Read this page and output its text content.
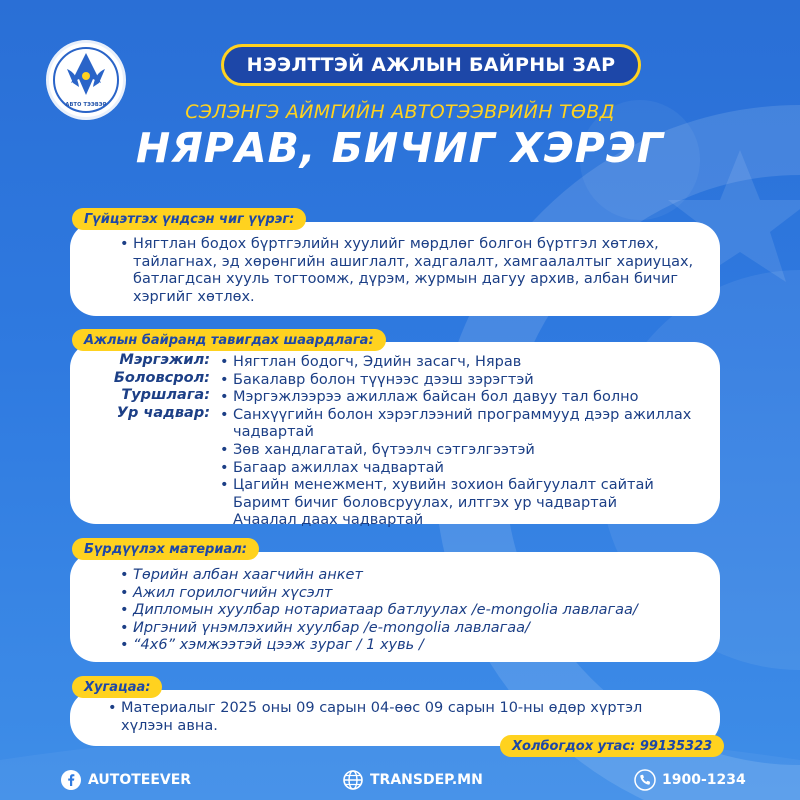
АВТО ТЭЭВЭР
НЭЭЛТТЭЙ АЖЛЫН БАЙРНЫ ЗАР
СЭЛЭНГЭ АЙМГИЙН АВТОТЭЭВРИЙН ТӨВД
НЯРАВ, БИЧИГ ХЭРЭГ
Гүйцэтгэх үндсэн чиг үүрэг:
• Нягтлан бодох бүртгэлийн хуулийг мөрдлөг болгон бүртгэл хөтлөх,
тайлагнах, эд хөрөнгийн ашиглалт, хадгалалт, хамгаалалтыг хариуцах,
батлагдсан хууль тогтоомж, дүрэм, журмын дагуу архив, албан бичиг
хэргийг хөтлөх.
Ажлын байранд тавигдах шаардлага:
• Нягтлан бодогч, Эдийн засагч, Нярав
• Бакалавр болон түүнээс дээш зэрэгтэй
• Мэргэжлээрээ ажиллаж байсан бол давуу тал болно
• Санхүүгийн болон хэрэглээний программууд дээр ажиллах
чадвартай
• Зөв хандлагатай, бүтээлч сэтгэлгээтэй
• Багаар ажиллах чадвартай
• Цагийн менежмент, хувийн зохион байгуулалт сайтай
Баримт бичиг боловсруулах, илтгэх ур чадвартай
Ачаалал даах чадвартай
Мэргэжил:
Боловсрол:
Туршлага:
Ур чадвар:
Бүрдүүлэх материал:
• Төрийн албан хаагчийн анкет
• Ажил горилогчийн хүсэлт
• Дипломын хуулбар нотариатаар батлуулах /e-mongolia лавлагаа/
• Иргэний үнэмлэхийн хуулбар /e-mongolia лавлагаа/
• “4x6” хэмжээтэй цээж зураг / 1 хувь /
Хугацаа:
• Материалыг 2025 оны 09 сарын 04-өөс 09 сарын 10-ны өдөр хүртэл
хүлээн авна.
Холбогдох утас: 99135323
AUTOTEEVER	TRANSDEP.MN	1900-1234
